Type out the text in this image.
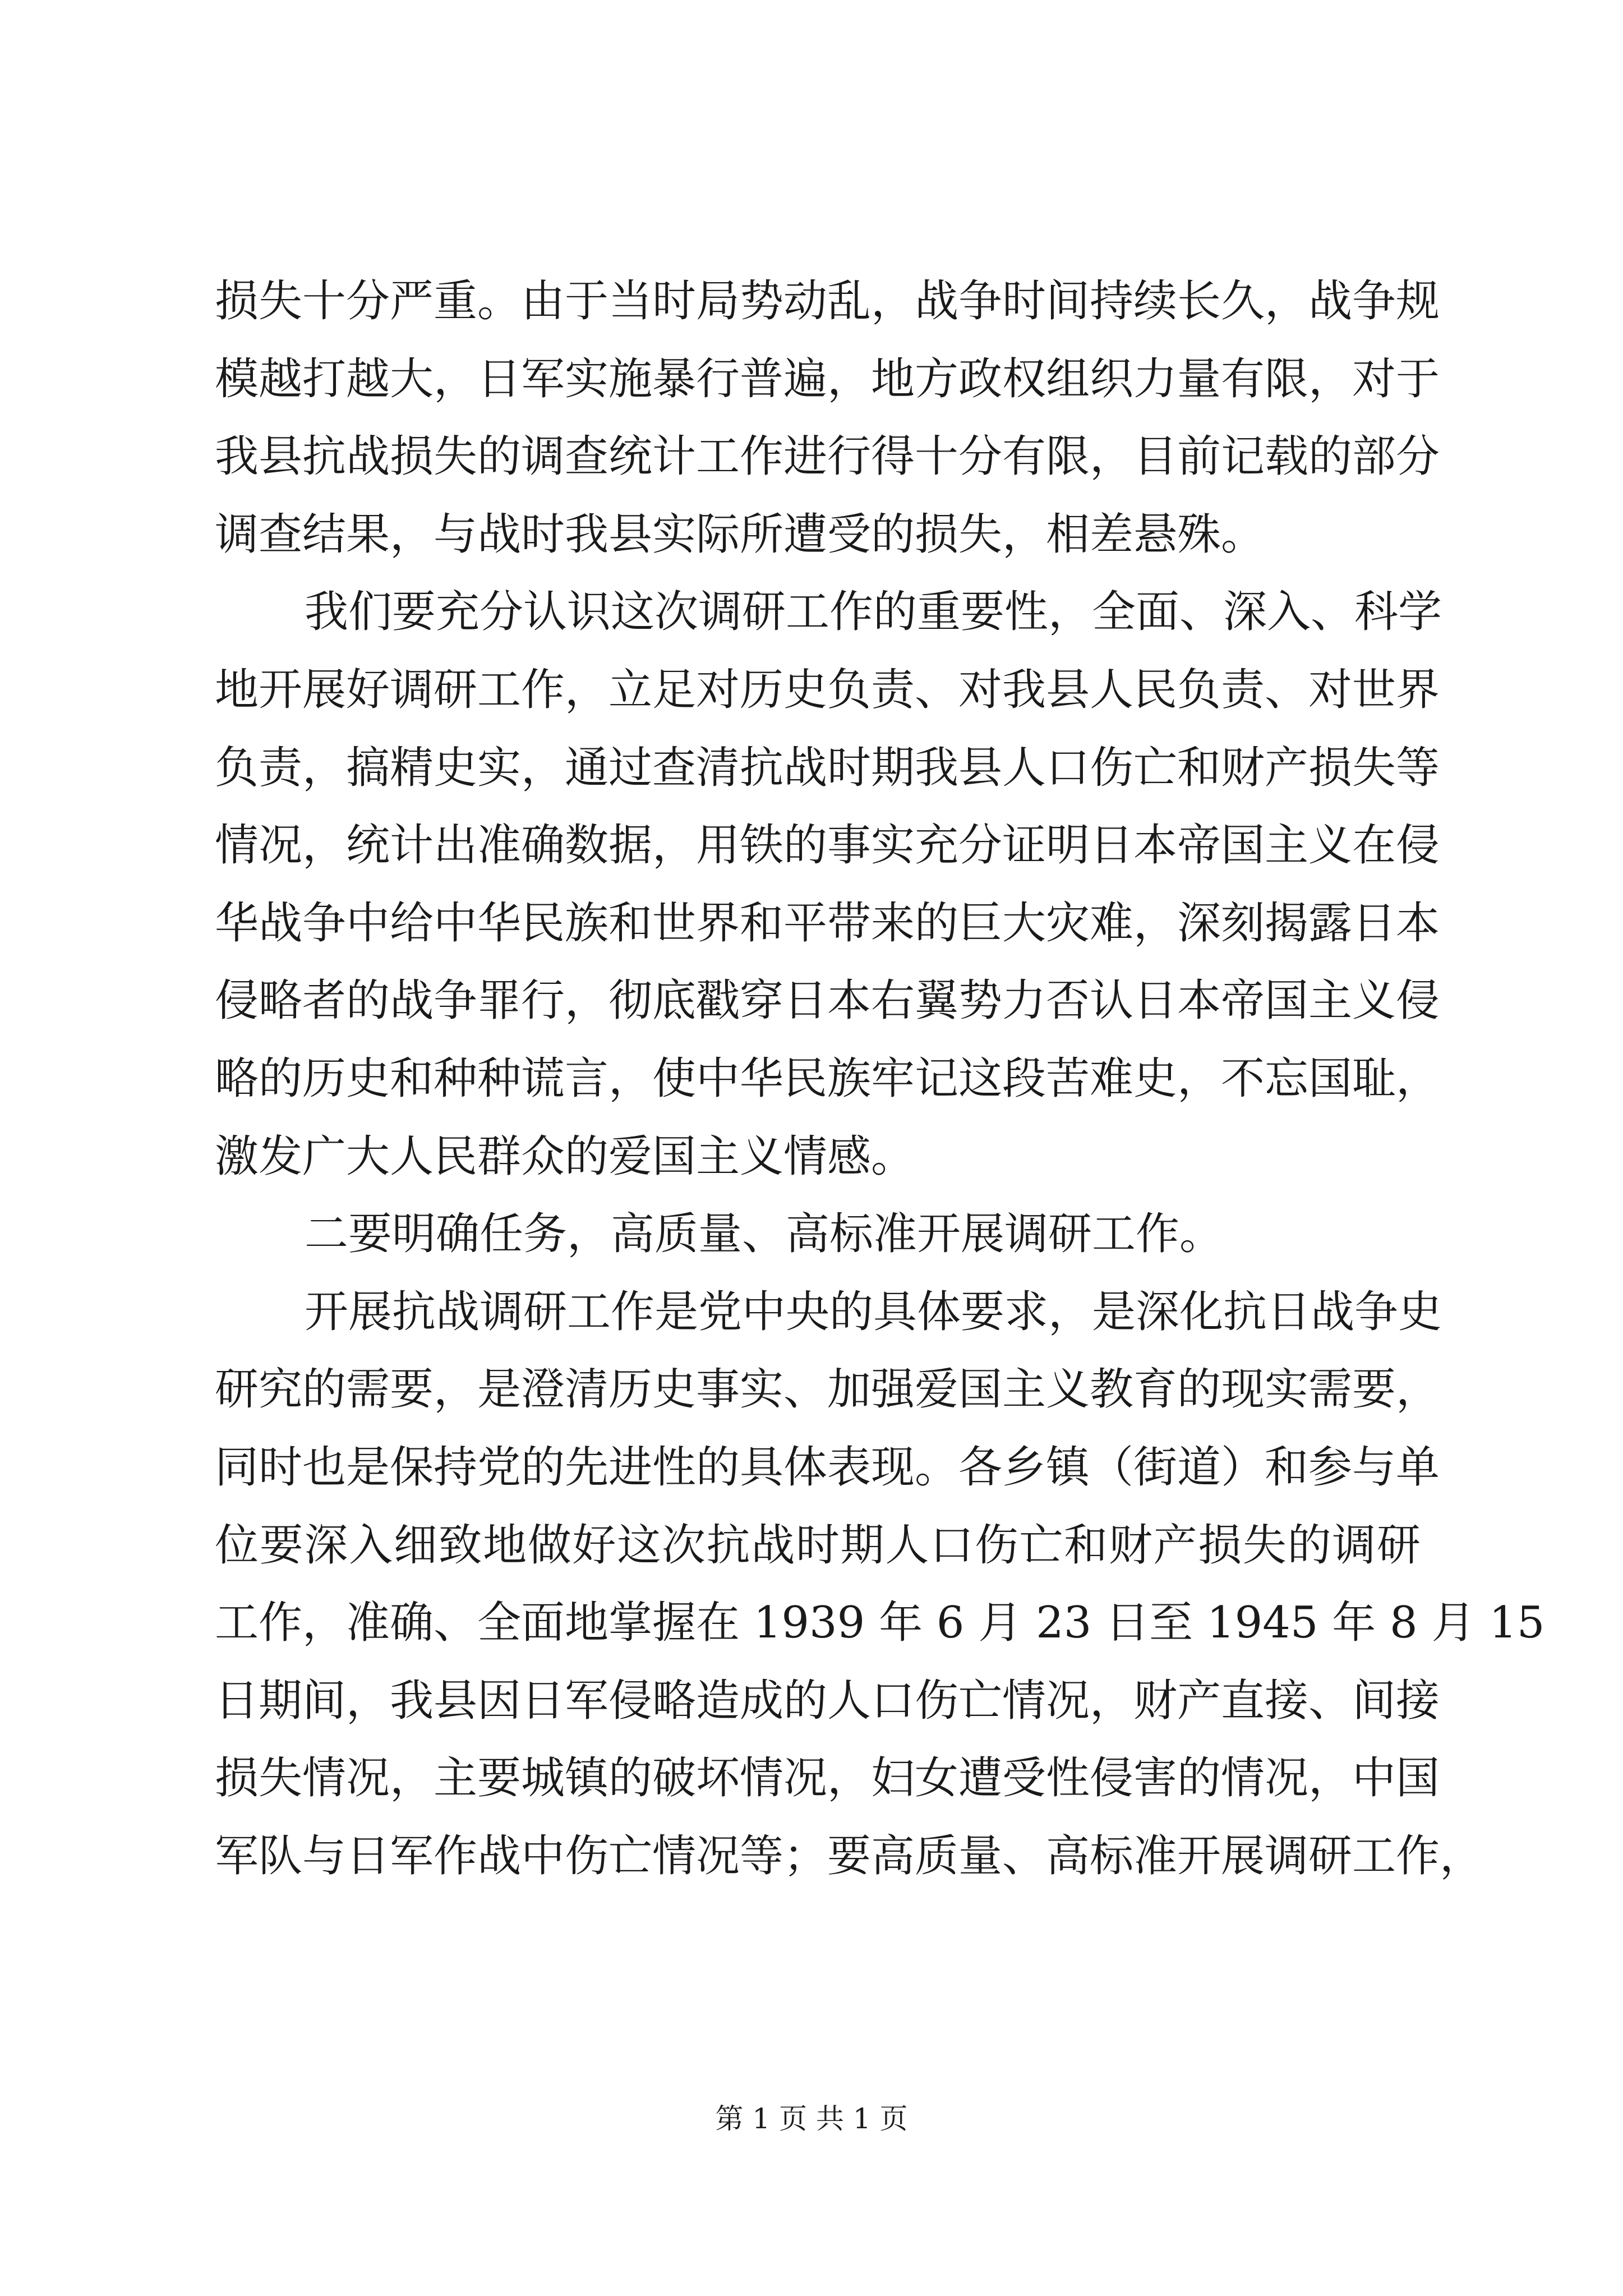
损失十分严重。由于当时局势动乱，战争时间持续长久，战争规
模越打越大，日军实施暴行普遍，地方政权组织力量有限，对于
我县抗战损失的调查统计工作进行得十分有限，目前记载的部分
调查结果，与战时我县实际所遭受的损失，相差悬殊。
我们要充分认识这次调研工作的重要性，全面、深入、科学
地开展好调研工作，立足对历史负责、对我县人民负责、对世界
负责，搞精史实，通过查清抗战时期我县人口伤亡和财产损失等
情况，统计出准确数据，用铁的事实充分证明日本帝国主义在侵
华战争中给中华民族和世界和平带来的巨大灾难，深刻揭露日本
侵略者的战争罪行，彻底戳穿日本右翼势力否认日本帝国主义侵
略的历史和种种谎言，使中华民族牢记这段苦难史，不忘国耻，
激发广大人民群众的爱国主义情感。
二要明确任务，高质量、高标准开展调研工作。
开展抗战调研工作是党中央的具体要求，是深化抗日战争史
研究的需要，是澄清历史事实、加强爱国主义教育的现实需要，
同时也是保持党的先进性的具体表现。各乡镇（街道）和参与单
位要深入细致地做好这次抗战时期人口伤亡和财产损失的调研
工作，准确、全面地掌握在 1939 年 6 月 23 日至 1945 年 8 月 15
日期间，我县因日军侵略造成的人口伤亡情况，财产直接、间接
损失情况，主要城镇的破坏情况，妇女遭受性侵害的情况，中国
军队与日军作战中伤亡情况等；要高质量、高标准开展调研工作，
第 1 页 共 1 页
